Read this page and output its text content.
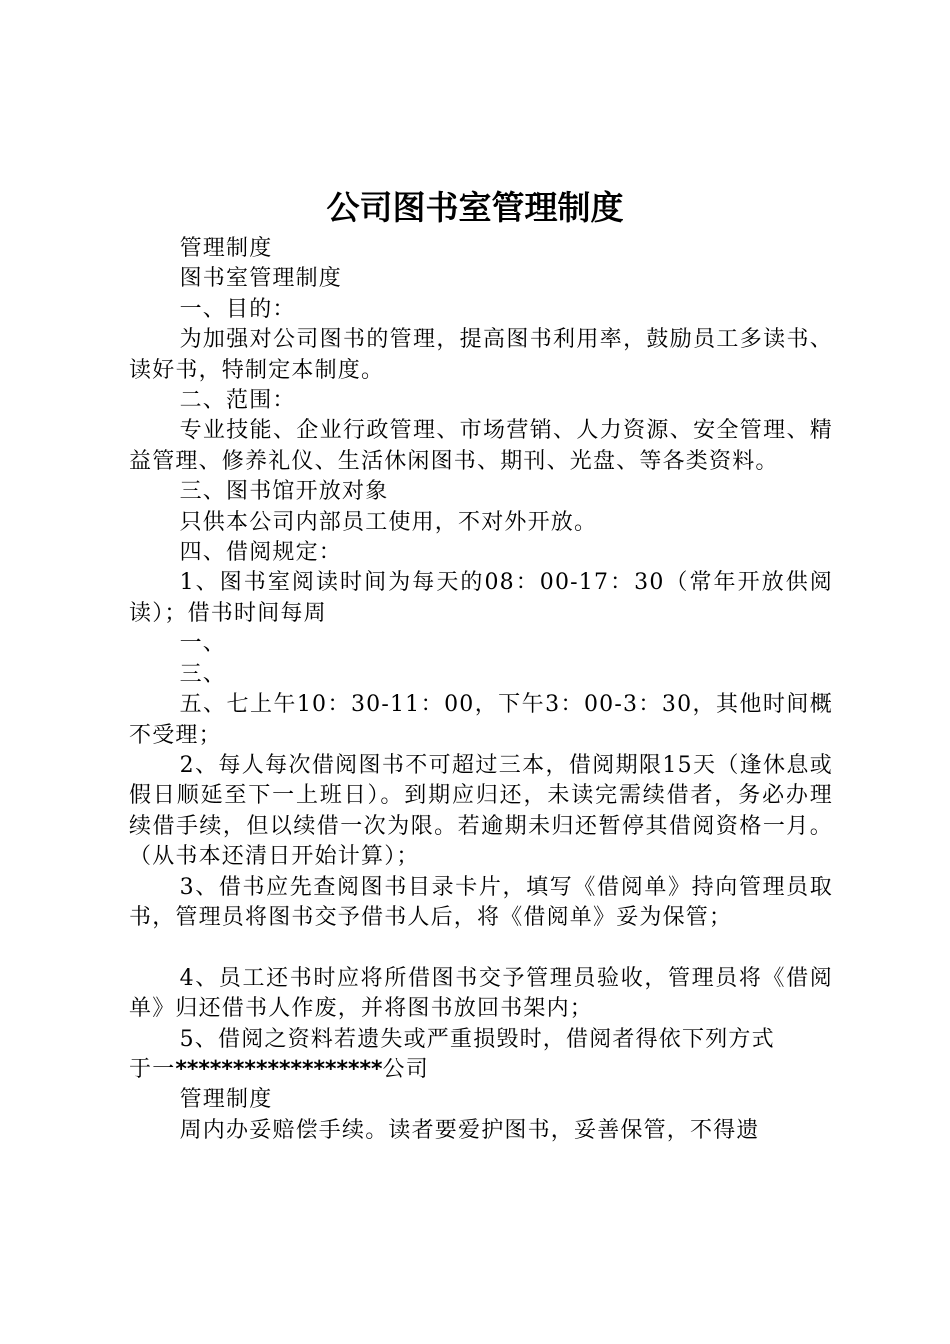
公司图书室管理制度

管理制度

图书室管理制度

一、目的：

为加强对公司图书的管理，提高图书利用率，鼓励员工多读书、读好书，特制定本制度。

二、范围：

专业技能、企业行政管理、市场营销、人力资源、安全管理、精益管理、修养礼仪、生活休闲图书、期刊、光盘、等各类资料。

三、图书馆开放对象

只供本公司内部员工使用，不对外开放。

四、借阅规定：

1、图书室阅读时间为每天的08：00-17：30（常年开放供阅读）；借书时间每周

一、

三、

五、七上午10：30-11：00，下午3：00-3：30，其他时间概不受理；

2、每人每次借阅图书不可超过三本，借阅期限15天（逢休息或假日顺延至下一上班日）。到期应归还，未读完需续借者，务必办理续借手续，但以续借一次为限。若逾期未归还暂停其借阅资格一月。（从书本还清日开始计算）；

3、借书应先查阅图书目录卡片，填写《借阅单》持向管理员取书，管理员将图书交予借书人后，将《借阅单》妥为保管；

4、员工还书时应将所借图书交予管理员验收，管理员将《借阅单》归还借书人作废，并将图书放回书架内；

5、借阅之资料若遗失或严重损毁时，借阅者得依下列方式

于一******************公司

管理制度

周内办妥赔偿手续。读者要爱护图书，妥善保管，不得遗
